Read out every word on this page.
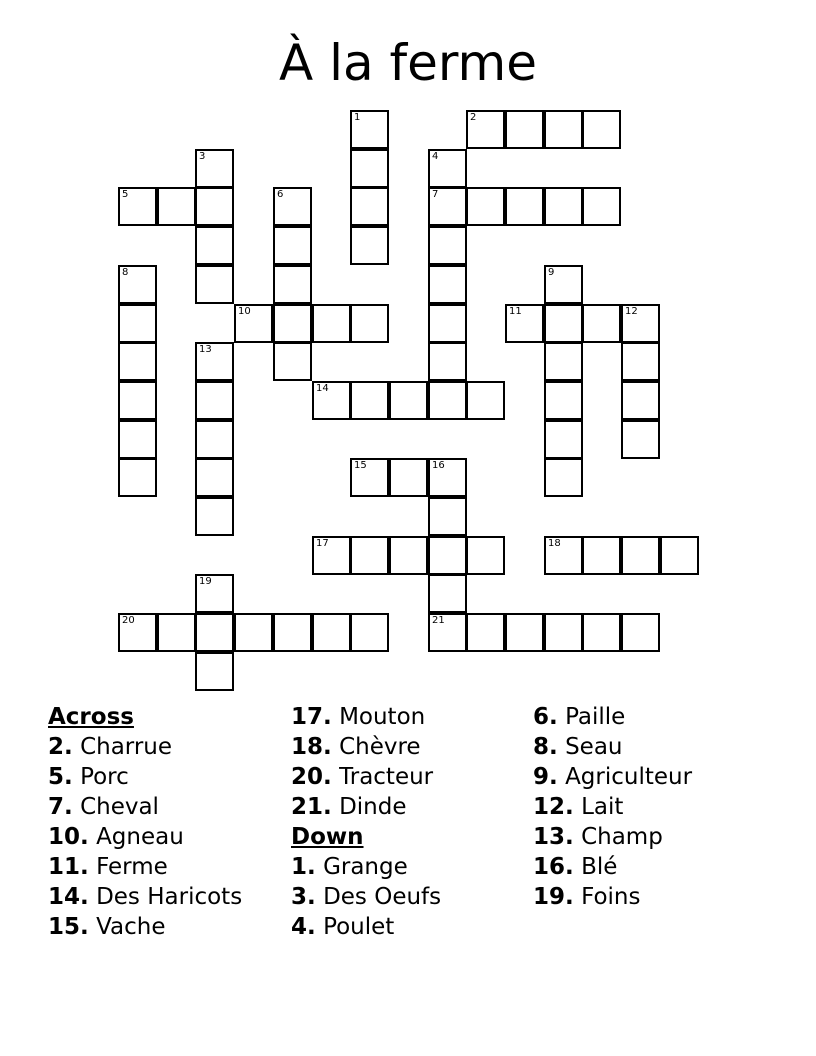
À la ferme
1	2
3	4
7
5	6
8	9
10	11	12
13
14
15	16
21
17	18
19
20
Across
2. Charrue
5. Porc
7. Cheval
10. Agneau
11. Ferme
14. Des Haricots
15. Vache
17. Mouton
18. Chèvre
20. Tracteur
21. Dinde
Down
1. Grange
3. Des Oeufs
4. Poulet
6. Paille
8. Seau
9. Agriculteur
12. Lait
13. Champ
16. Blé
19. Foins
